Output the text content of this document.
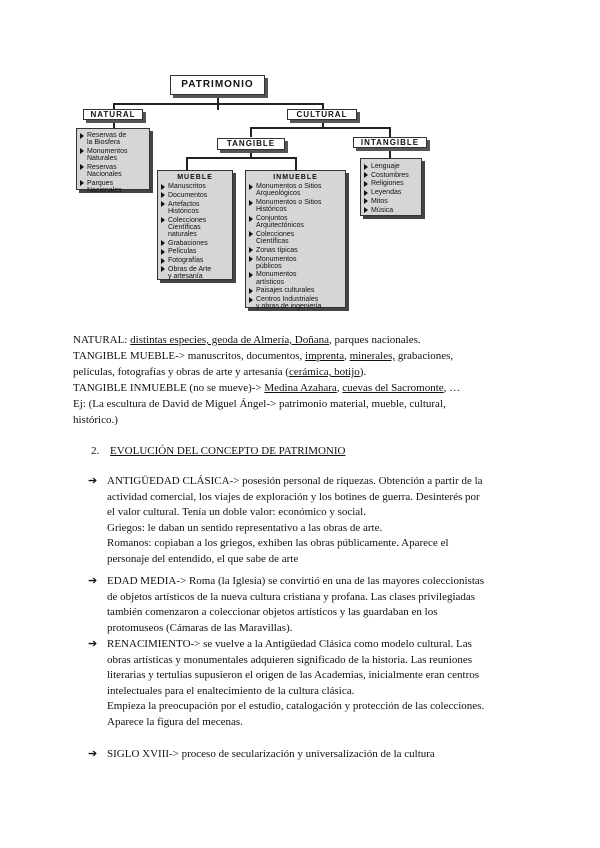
PATRIMONIO
NATURAL	CULTURAL
TANGIBLE	INTANGIBLE
Reservas de
la Biosfera
Monumentos
Naturales
Reservas
Nacionales
Parques
Nacionales
Lenguaje
Costumbres
Religiones
Leyendas
Mitos
Música
MUEBLE
Manuscritos
Documentos
Artefactos
Históricos
Colecciones
Científicas
naturales
Grabaciones
Películas
Fotografías
Obras de Arte
y artesanía
INMUEBLE
Monumentos o Sitios
Arqueológicos
Monumentos o Sitios
Históricos
Conjuntos
Arquitectónicos
Colecciones
Científicas
Zonas típicas
Monumentos
públicos
Monumentos
artísticos
Paisajes culturales
Centros Industriales
y obras de ingeniería
NATURAL: distintas especies, geoda de Almería, Doñana, parques nacionales.
TANGIBLE MUEBLE-> manuscritos, documentos, imprenta, minerales, grabaciones,
películas, fotografías y obras de arte y artesanía (cerámica, botijo).
TANGIBLE INMUEBLE (no se mueve)-> Medina Azahara, cuevas del Sacromonte, …
Ej: (La escultura de David de Miguel Ángel-> patrimonio material, mueble, cultural,
histórico.)
2. EVOLUCIÓN DEL CONCEPTO DE PATRIMONIO
➔ ANTIGÜEDAD CLÁSICA-> posesión personal de riquezas. Obtención a partir de la
actividad comercial, los viajes de exploración y los botines de guerra. Desinterés por
el valor cultural. Tenía un doble valor: económico y social.
Griegos: le daban un sentido representativo a las obras de arte.
Romanos: copiaban a los griegos, exhiben las obras públicamente. Aparece el
personaje del entendido, el que sabe de arte
➔ EDAD MEDIA-> Roma (la Iglesia) se convirtió en una de las mayores coleccionistas
de objetos artísticos de la nueva cultura cristiana y profana. Las clases privilegiadas
también comenzaron a coleccionar objetos artísticos y las guardaban en los
protomuseos (Cámaras de las Maravillas).
➔ RENACIMIENTO-> se vuelve a la Antigüedad Clásica como modelo cultural. Las
obras artísticas y monumentales adquieren significado de la historia. Las reuniones
literarias y tertulias supusieron el origen de las Academias, inicialmente eran centros
intelectuales para el enaltecimiento de la cultura clásica.
Empieza la preocupación por el estudio, catalogación y protección de las colecciones.
Aparece la figura del mecenas.
➔ SIGLO XVIII-> proceso de secularización y universalización de la cultura
